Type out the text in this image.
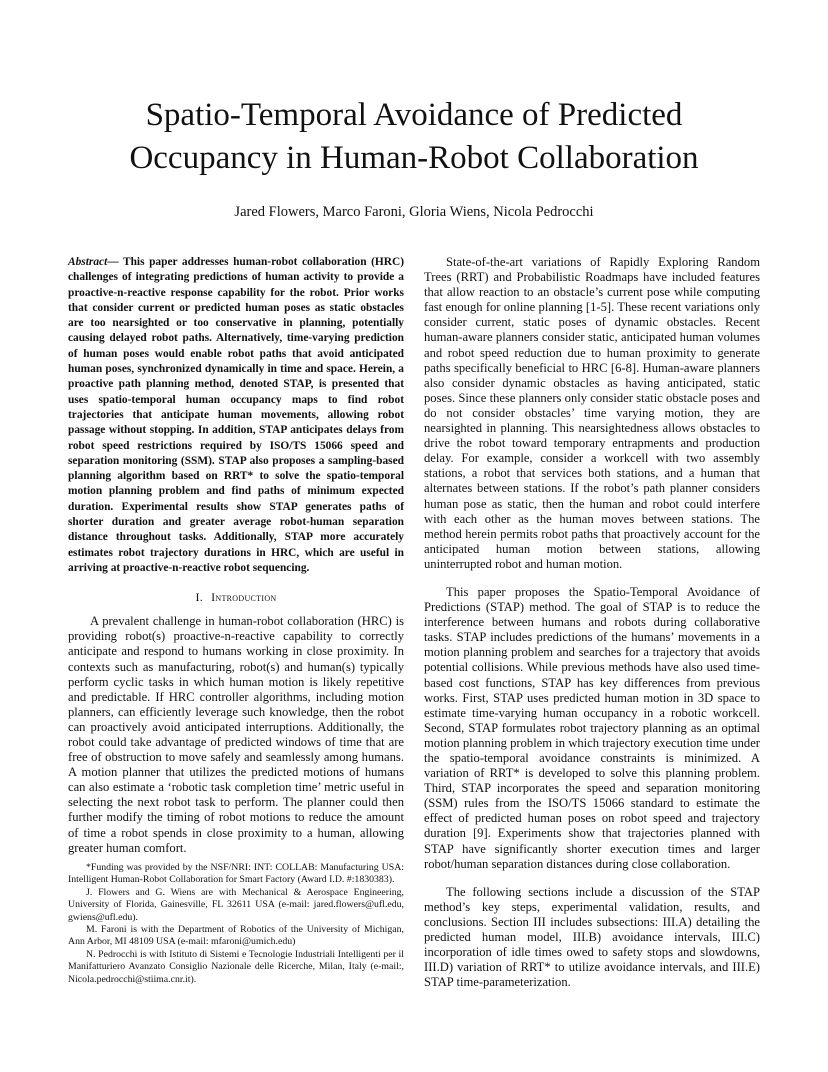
Spatio-Temporal Avoidance of Predicted
Occupancy in Human-Robot Collaboration

Jared Flowers, Marco Faroni, Gloria Wiens, Nicola Pedrocchi

Abstract— This paper addresses human-robot collaboration (HRC) challenges of integrating predictions of human activity to provide a proactive-n-reactive response capability for the robot. Prior works that consider current or predicted human poses as static obstacles are too nearsighted or too conservative in planning, potentially causing delayed robot paths. Alternatively, time-varying prediction of human poses would enable robot paths that avoid anticipated human poses, synchronized dynamically in time and space. Herein, a proactive path planning method, denoted STAP, is presented that uses spatio-temporal human occupancy maps to find robot trajectories that anticipate human movements, allowing robot passage without stopping. In addition, STAP anticipates delays from robot speed restrictions required by ISO/TS 15066 speed and separation monitoring (SSM). STAP also proposes a sampling-based planning algorithm based on RRT* to solve the spatio-temporal motion planning problem and find paths of minimum expected duration. Experimental results show STAP generates paths of shorter duration and greater average robot-human separation distance throughout tasks. Additionally, STAP more accurately estimates robot trajectory durations in HRC, which are useful in arriving at proactive-n-reactive robot sequencing.

I. Introduction

A prevalent challenge in human-robot collaboration (HRC) is providing robot(s) proactive-n-reactive capability to correctly anticipate and respond to humans working in close proximity. In contexts such as manufacturing, robot(s) and human(s) typically perform cyclic tasks in which human motion is likely repetitive and predictable. If HRC controller algorithms, including motion planners, can efficiently leverage such knowledge, then the robot can proactively avoid anticipated interruptions. Additionally, the robot could take advantage of predicted windows of time that are free of obstruction to move safely and seamlessly among humans. A motion planner that utilizes the predicted motions of humans can also estimate a ‘robotic task completion time’ metric useful in selecting the next robot task to perform. The planner could then further modify the timing of robot motions to reduce the amount of time a robot spends in close proximity to a human, allowing greater human comfort.

*Funding was provided by the NSF/NRI: INT: COLLAB: Manufacturing USA: Intelligent Human-Robot Collaboration for Smart Factory (Award I.D. #:1830383).

J. Flowers and G. Wiens are with Mechanical & Aerospace Engineering, University of Florida, Gainesville, FL 32611 USA (e-mail: jared.flowers@ufl.edu, gwiens@ufl.edu).

M. Faroni is with the Department of Robotics of the University of Michigan, Ann Arbor, MI 48109 USA (e-mail: mfaroni@umich.edu)

N. Pedrocchi is with Istituto di Sistemi e Tecnologie Industriali Intelligenti per il Manifatturiero Avanzato Consiglio Nazionale delle Ricerche, Milan, Italy (e-mail:, Nicola.pedrocchi@stiima.cnr.it).

State-of-the-art variations of Rapidly Exploring Random Trees (RRT) and Probabilistic Roadmaps have included features that allow reaction to an obstacle’s current pose while computing fast enough for online planning [1-5]. These recent variations only consider current, static poses of dynamic obstacles. Recent human-aware planners consider static, anticipated human volumes and robot speed reduction due to human proximity to generate paths specifically beneficial to HRC [6-8]. Human-aware planners also consider dynamic obstacles as having anticipated, static poses. Since these planners only consider static obstacle poses and do not consider obstacles’ time varying motion, they are nearsighted in planning. This nearsightedness allows obstacles to drive the robot toward temporary entrapments and production delay. For example, consider a workcell with two assembly stations, a robot that services both stations, and a human that alternates between stations. If the robot’s path planner considers human pose as static, then the human and robot could interfere with each other as the human moves between stations. The method herein permits robot paths that proactively account for the anticipated human motion between stations, allowing uninterrupted robot and human motion.

This paper proposes the Spatio-Temporal Avoidance of Predictions (STAP) method. The goal of STAP is to reduce the interference between humans and robots during collaborative tasks. STAP includes predictions of the humans’ movements in a motion planning problem and searches for a trajectory that avoids potential collisions. While previous methods have also used time-based cost functions, STAP has key differences from previous works. First, STAP uses predicted human motion in 3D space to estimate time-varying human occupancy in a robotic workcell. Second, STAP formulates robot trajectory planning as an optimal motion planning problem in which trajectory execution time under the spatio-temporal avoidance constraints is minimized. A variation of RRT* is developed to solve this planning problem. Third, STAP incorporates the speed and separation monitoring (SSM) rules from the ISO/TS 15066 standard to estimate the effect of predicted human poses on robot speed and trajectory duration [9]. Experiments show that trajectories planned with STAP have significantly shorter execution times and larger robot/human separation distances during close collaboration.

The following sections include a discussion of the STAP method’s key steps, experimental validation, results, and conclusions. Section III includes subsections: III.A) detailing the predicted human model, III.B) avoidance intervals, III.C) incorporation of idle times owed to safety stops and slowdowns, III.D) variation of RRT* to utilize avoidance intervals, and III.E) STAP time-parameterization.
